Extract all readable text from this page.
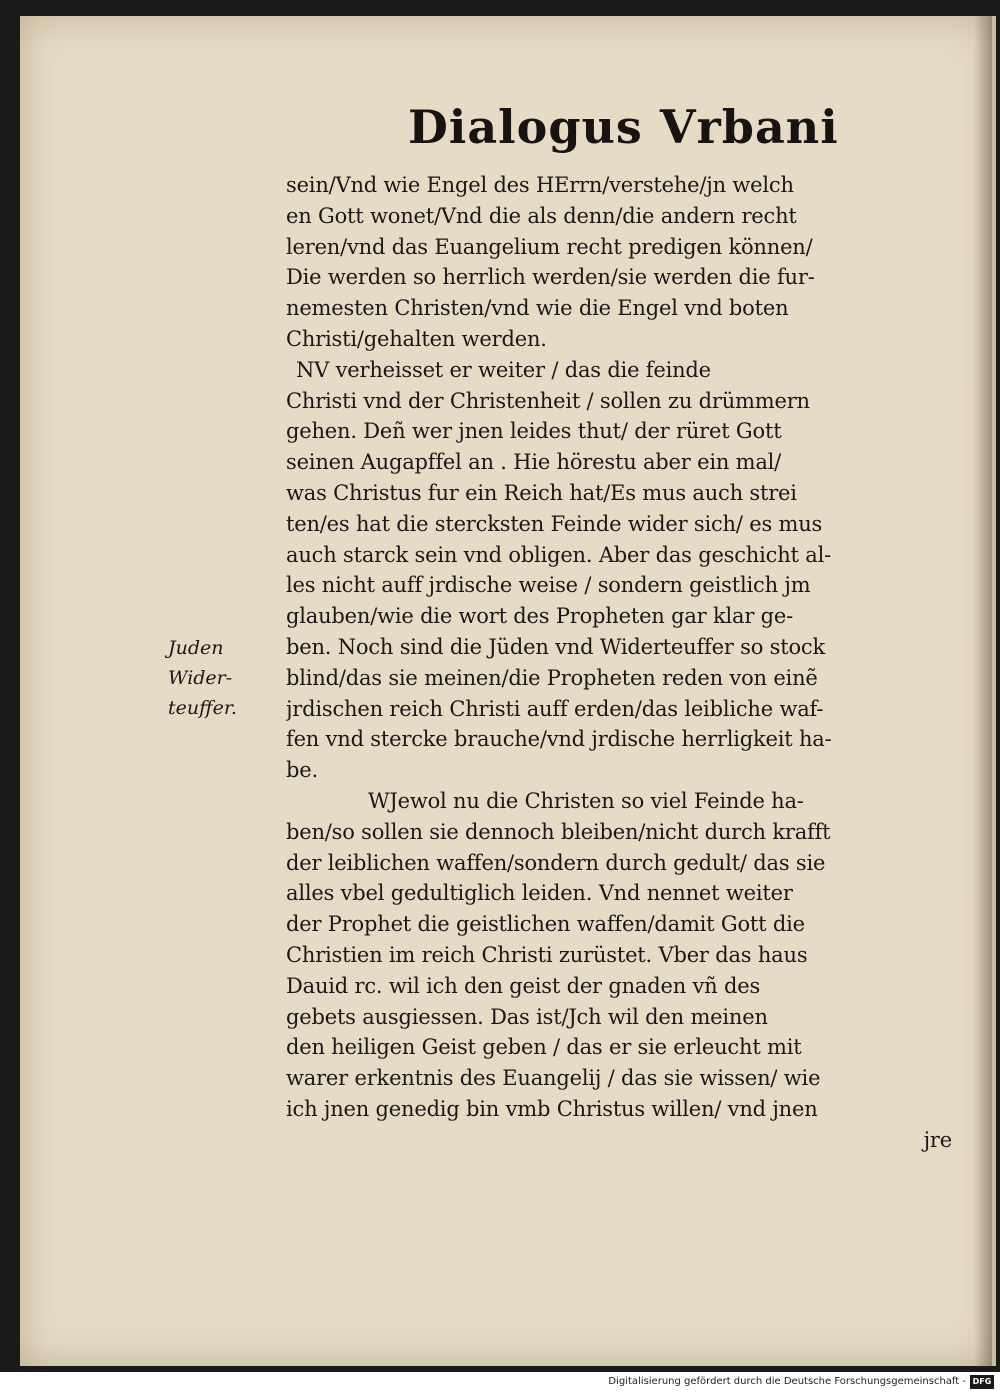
Dialogus Vrbani
sein/Vnd wie Engel des HErrn/verstehe/jn welch
en Gott wonet/Vnd die als denn/die andern recht
leren/vnd das Euangelium recht predigen können/
Die werden so herrlich werden/sie werden die fur-
nemesten Christen/vnd wie die Engel vnd boten
Christi/gehalten werden.
NV verheisset er weiter / das die feinde
Christi vnd der Christenheit / sollen zu drümmern
gehen. Deñ wer jnen leides thut/ der rüret Gott
seinen Augapffel an . Hie hörestu aber ein mal/
was Christus fur ein Reich hat/Es mus auch strei
ten/es hat die stercksten Feinde wider sich/ es mus
auch starck sein vnd obligen. Aber das geschicht al-
les nicht auff jrdische weise / sondern geistlich jm
glauben/wie die wort des Propheten gar klar ge-
ben. Noch sind die Jüden vnd Widerteuffer so stock
blind/das sie meinen/die Propheten reden von einẽ
jrdischen reich Christi auff erden/das leibliche waf-
fen vnd stercke brauche/vnd jrdische herrligkeit ha-
be.
WJewol nu die Christen so viel Feinde ha-
ben/so sollen sie dennoch bleiben/nicht durch krafft
der leiblichen waffen/sondern durch gedult/ das sie
alles vbel gedultiglich leiden. Vnd nennet weiter
der Prophet die geistlichen waffen/damit Gott die
Christien im reich Christi zurüstet. Vber das haus
Dauid rc. wil ich den geist der gnaden vñ des
gebets ausgiessen. Das ist/Jch wil den meinen
den heiligen Geist geben / das er sie erleucht mit
warer erkentnis des Euangelij / das sie wissen/ wie
ich jnen genedig bin vmb Christus willen/ vnd jnen
jre
Juden
Wider-
teuffer.
Digitalisierung gefördert durch die Deutsche Forschungsgemeinschaft - DFG
